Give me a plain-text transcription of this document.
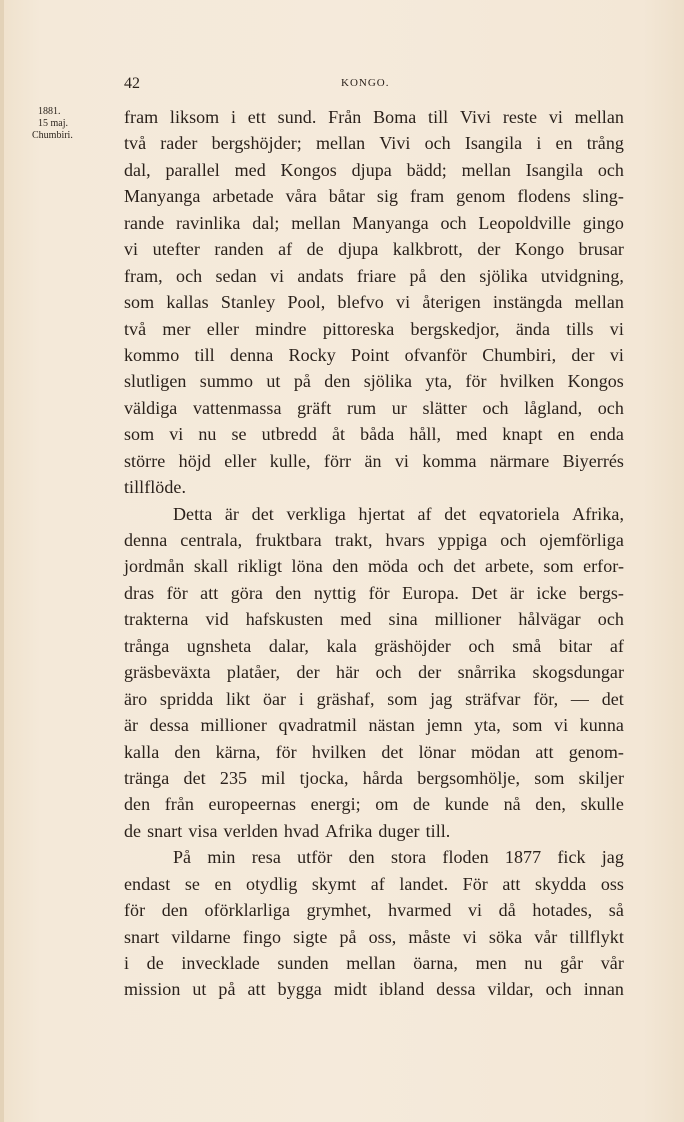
42	KONGO.
1881.
15 maj.
Chumbiri.
fram liksom i ett sund. Från Boma till Vivi reste vi mellan
två rader bergshöjder; mellan Vivi och Isangila i en trång
dal, parallel med Kongos djupa bädd; mellan Isangila och
Manyanga arbetade våra båtar sig fram genom flodens sling-
rande ravinlika dal; mellan Manyanga och Leopoldville gingo
vi utefter randen af de djupa kalkbrott, der Kongo brusar
fram, och sedan vi andats friare på den sjölika utvidgning,
som kallas Stanley Pool, blefvo vi återigen instängda mellan
två mer eller mindre pittoreska bergskedjor, ända tills vi
kommo till denna Rocky Point ofvanför Chumbiri, der vi
slutligen summo ut på den sjölika yta, för hvilken Kongos
väldiga vattenmassa gräft rum ur slätter och lågland, och
som vi nu se utbredd åt båda håll, med knapt en enda
större höjd eller kulle, förr än vi komma närmare Biyerrés
tillflöde.
Detta är det verkliga hjertat af det eqvatoriela Afrika,
denna centrala, fruktbara trakt, hvars yppiga och ojemförliga
jordmån skall rikligt löna den möda och det arbete, som erfor-
dras för att göra den nyttig för Europa. Det är icke bergs-
trakterna vid hafskusten med sina millioner hålvägar och
trånga ugnsheta dalar, kala gräshöjder och små bitar af
gräsbeväxta platåer, der här och der snårrika skogsdungar
äro spridda likt öar i gräshaf, som jag sträfvar för, — det
är dessa millioner qvadratmil nästan jemn yta, som vi kunna
kalla den kärna, för hvilken det lönar mödan att genom-
tränga det 235 mil tjocka, hårda bergsomhölje, som skiljer
den från europeernas energi; om de kunde nå den, skulle
de snart visa verlden hvad Afrika duger till.
På min resa utför den stora floden 1877 fick jag
endast se en otydlig skymt af landet. För att skydda oss
för den oförklarliga grymhet, hvarmed vi då hotades, så
snart vildarne fingo sigte på oss, måste vi söka vår tillflykt
i de invecklade sunden mellan öarna, men nu går vår
mission ut på att bygga midt ibland dessa vildar, och innan
